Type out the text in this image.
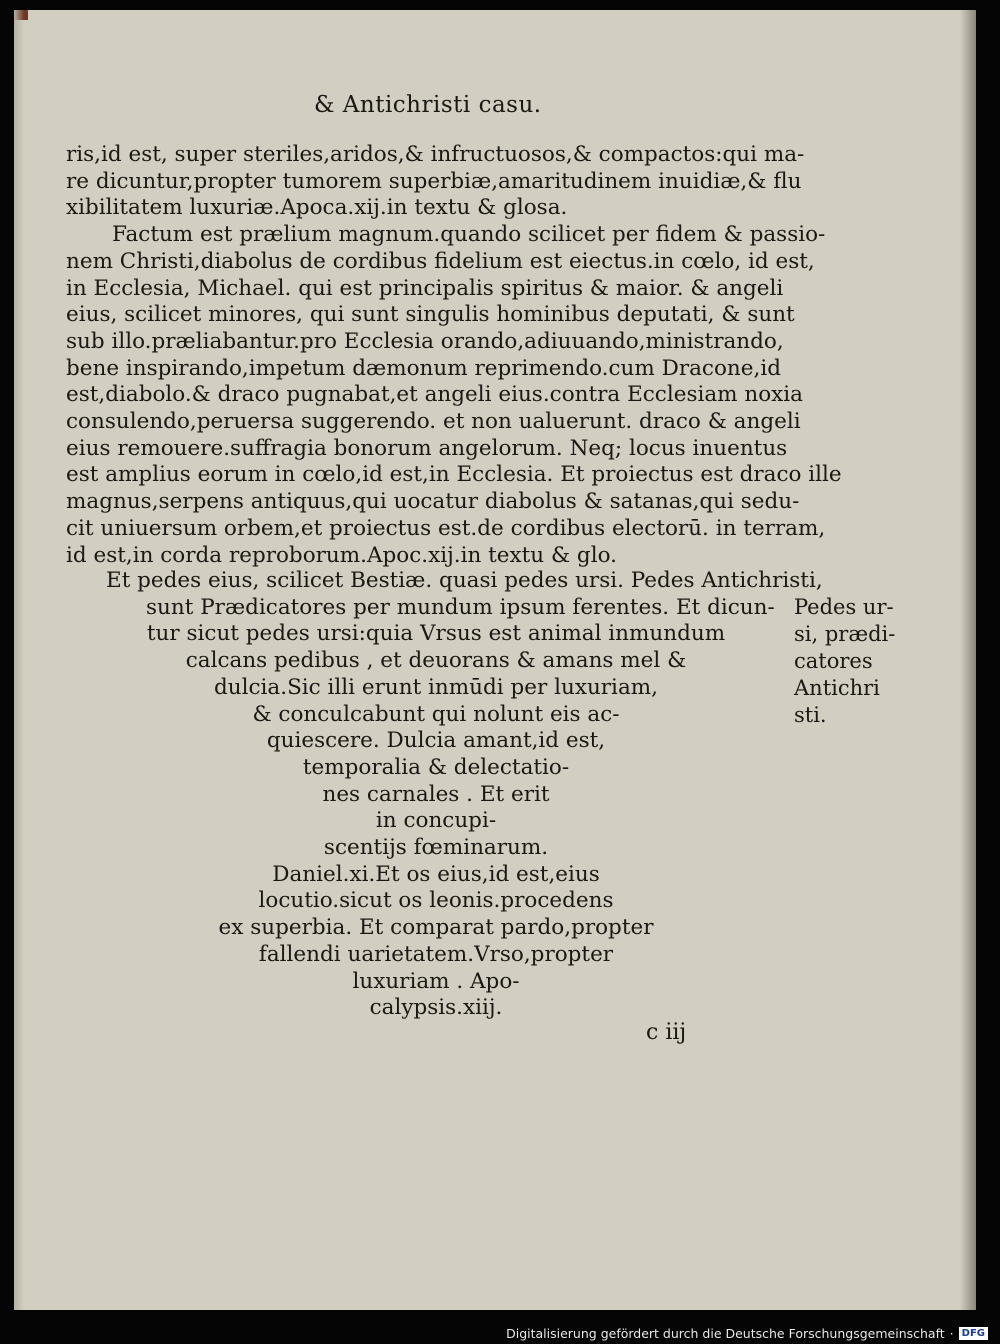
& Antichristi casu.
ris,id est, super steriles,aridos,& infructuosos,& compactos:qui ma-
re dicuntur,propter tumorem superbiæ,amaritudinem inuidiæ,& flu
xibilitatem luxuriæ.Apoca.xij.in textu & glosa.
Factum est prælium magnum.quando scilicet per fidem & passio-
nem Christi,diabolus de cordibus fidelium est eiectus.in cœlo, id est,
in Ecclesia, Michael. qui est principalis spiritus & maior. & angeli
eius, scilicet minores, qui sunt singulis hominibus deputati, & sunt
sub illo.præliabantur.pro Ecclesia orando,adiuuando,ministrando,
bene inspirando,impetum dæmonum reprimendo.cum Dracone,id
est,diabolo.& draco pugnabat,et angeli eius.contra Ecclesiam noxia
consulendo,peruersa suggerendo. et non ualuerunt. draco & angeli
eius remouere.suffragia bonorum angelorum. Neq; locus inuentus
est amplius eorum in cœlo,id est,in Ecclesia. Et proiectus est draco ille
magnus,serpens antiquus,qui uocatur diabolus & satanas,qui sedu-
cit uniuersum orbem,et proiectus est.de cordibus electorū. in terram,
id est,in corda reproborum.Apoc.xij.in textu & glo.
Et pedes eius, scilicet Bestiæ. quasi pedes ursi. Pedes Antichristi,
sunt Prædicatores per mundum ipsum ferentes. Et dicun-
tur sicut pedes ursi:quia Vrsus est animal inmundum
calcans pedibus , et deuorans & amans mel &
dulcia.Sic illi erunt inmūdi per luxuriam,
& conculcabunt qui nolunt eis ac-
quiescere. Dulcia amant,id est,
temporalia & delectatio-
nes carnales . Et erit
in concupi-
scentijs fœminarum.
Daniel.xi.Et os eius,id est,eius
locutio.sicut os leonis.procedens
ex superbia. Et comparat pardo,propter
fallendi uarietatem.Vrso,propter
luxuriam . Apo-
calypsis.xiij.
Pedes ur-
si, prædi-
catores
Antichri
sti.
c iij
Digitalisierung gefördert durch die Deutsche Forschungsgemeinschaft · DFG
